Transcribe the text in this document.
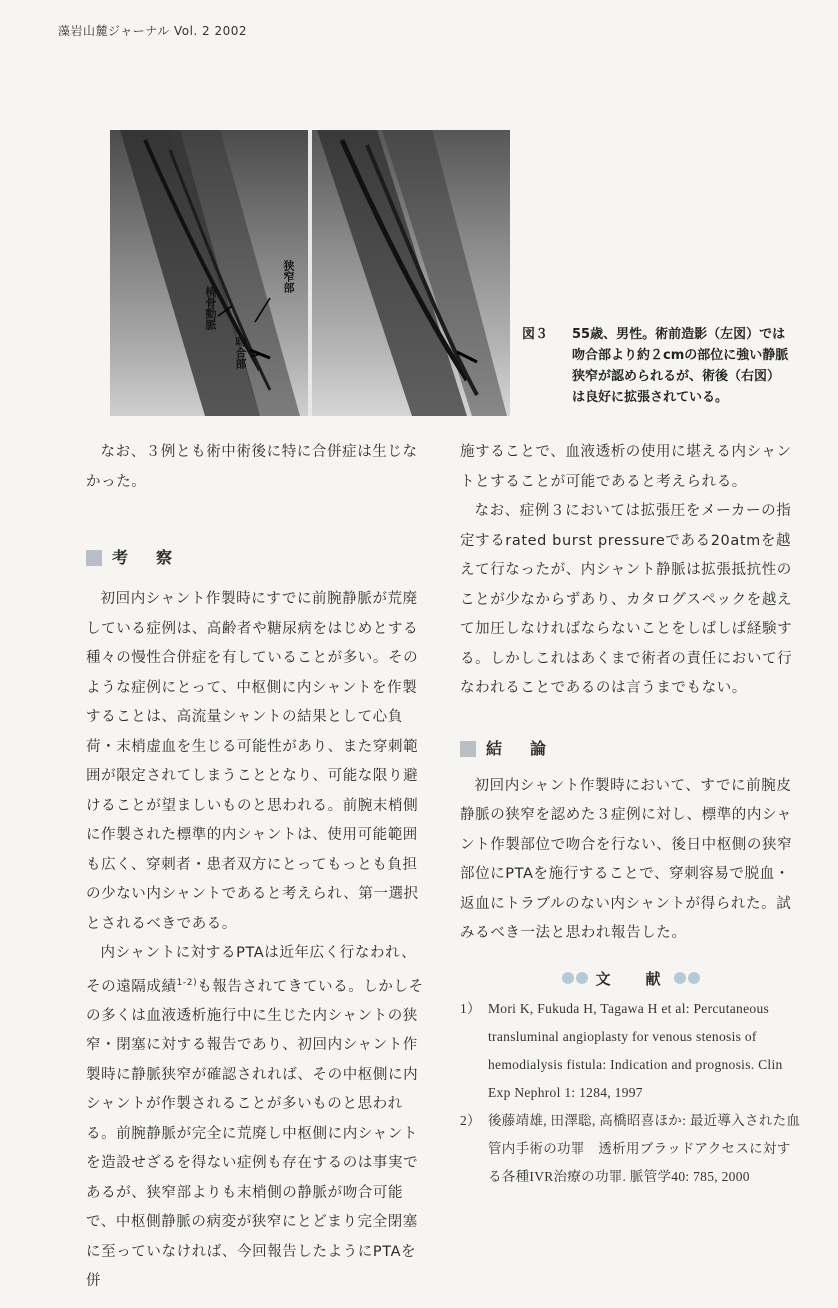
藻岩山麓ジャーナル Vol. 2 2002
狭窄部
橈骨動脈
吻合部
図３ 55歳、男性。術前造影（左図）では吻合部より約２cmの部位に強い静脈狭窄が認められるが、術後（右図）は良好に拡張されている。

なお、３例とも術中術後に特に合併症は生じなかった。

考　察

初回内シャント作製時にすでに前腕静脈が荒廃している症例は、高齢者や糖尿病をはじめとする種々の慢性合併症を有していることが多い。そのような症例にとって、中枢側に内シャントを作製することは、高流量シャントの結果として心負荷・末梢虚血を生じる可能性があり、また穿刺範囲が限定されてしまうこととなり、可能な限り避けることが望ましいものと思われる。前腕末梢側に作製された標準的内シャントは、使用可能範囲も広く、穿刺者・患者双方にとってもっとも負担の少ない内シャントであると考えられ、第一選択とされるべきである。

内シャントに対するPTAは近年広く行なわれ、その遠隔成績$^{1-2)}$も報告されてきている。しかしその多くは血液透析施行中に生じた内シャントの狭窄・閉塞に対する報告であり、初回内シャント作製時に静脈狭窄が確認されれば、その中枢側に内シャントが作製されることが多いものと思われる。前腕静脈が完全に荒廃し中枢側に内シャントを造設せざるを得ない症例も存在するのは事実であるが、狭窄部よりも末梢側の静脈が吻合可能で、中枢側静脈の病変が狭窄にとどまり完全閉塞に至っていなければ、今回報告したようにPTAを併

施することで、血液透析の使用に堪える内シャントとすることが可能であると考えられる。

なお、症例３においては拡張圧をメーカーの指定するrated burst pressureである20atmを越えて行なったが、内シャント静脈は拡張抵抗性のことが少なからずあり、カタログスペックを越えて加圧しなければならないことをしばしば経験する。しかしこれはあくまで術者の責任において行なわれることであるのは言うまでもない。

結　論

初回内シャント作製時において、すでに前腕皮静脈の狭窄を認めた３症例に対し、標準的内シャント作製部位で吻合を行ない、後日中枢側の狭窄部位にPTAを施行することで、穿刺容易で脱血・返血にトラブルのない内シャントが得られた。試みるべき一法と思われ報告した。

文　献
1） Mori K, Fukuda H, Tagawa H et al: Percutaneous transluminal angioplasty for venous stenosis of hemodialysis fistula: Indication and prognosis. Clin Exp Nephrol 1: 1284, 1997
2） 後藤靖雄, 田澤聡, 高橋昭喜ほか: 最近導入された血管内手術の功罪　透析用ブラッドアクセスに対する各種IVR治療の功罪. 脈管学40: 785, 2000
